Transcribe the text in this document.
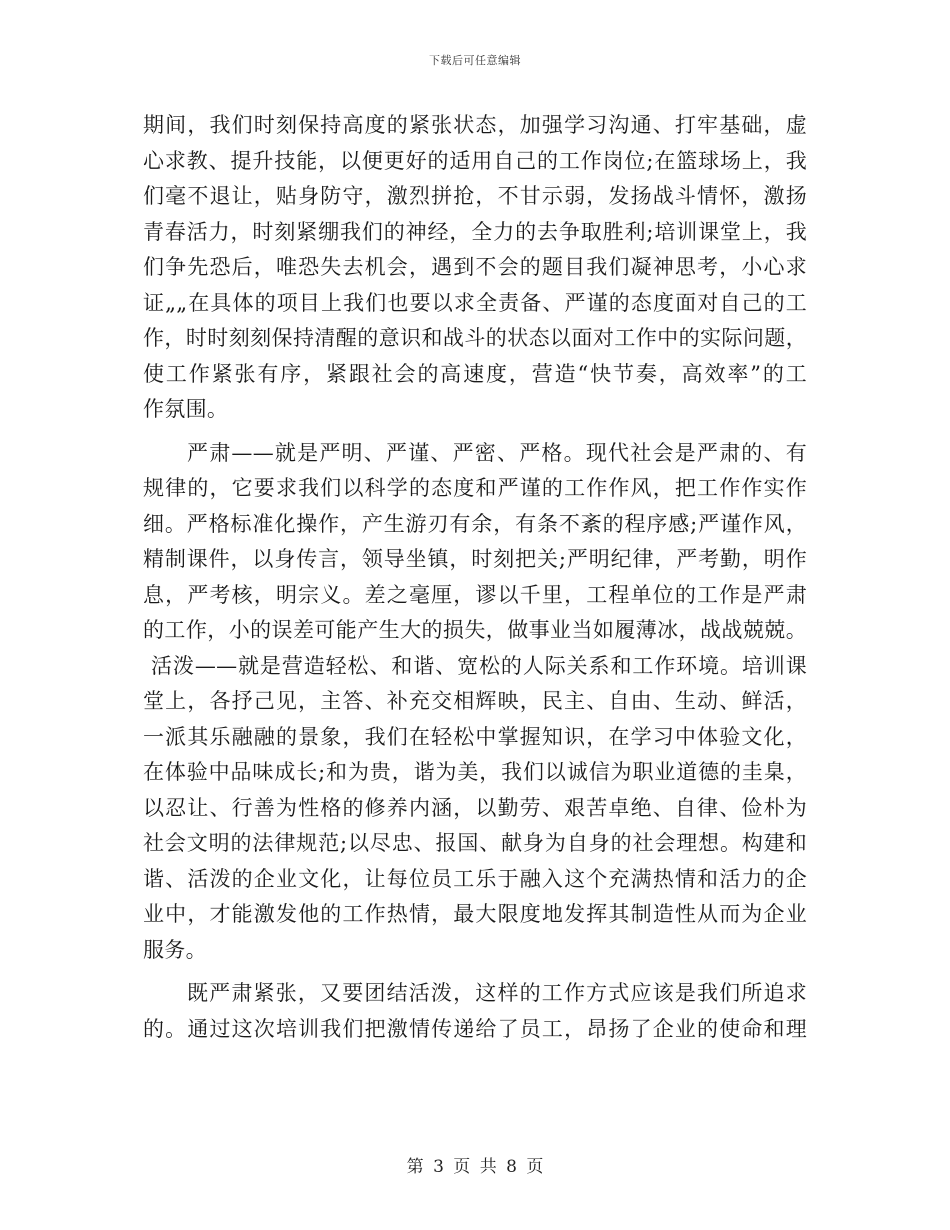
下载后可任意编辑
期间，我们时刻保持高度的紧张状态，加强学习沟通、打牢基础，虚
心求教、提升技能，以便更好的适用自己的工作岗位;在篮球场上，我
们毫不退让，贴身防守，激烈拼抢，不甘示弱，发扬战斗情怀，激扬
青春活力，时刻紧绷我们的神经，全力的去争取胜利;培训课堂上，我
们争先恐后，唯恐失去机会，遇到不会的题目我们凝神思考，小心求
证„„在具体的项目上我们也要以求全责备、严谨的态度面对自己的工
作，时时刻刻保持清醒的意识和战斗的状态以面对工作中的实际问题，
使工作紧张有序，紧跟社会的高速度，营造“快节奏，高效率”的工
作氛围。
严肃——就是严明、严谨、严密、严格。现代社会是严肃的、有
规律的，它要求我们以科学的态度和严谨的工作作风，把工作作实作
细。严格标准化操作，产生游刃有余，有条不紊的程序感;严谨作风，
精制课件，以身传言，领导坐镇，时刻把关;严明纪律，严考勤，明作
息，严考核，明宗义。差之毫厘，谬以千里，工程单位的工作是严肃
的工作，小的误差可能产生大的损失，做事业当如履薄冰，战战兢兢。
活泼——就是营造轻松、和谐、宽松的人际关系和工作环境。培训课
堂上，各抒己见，主答、补充交相辉映，民主、自由、生动、鲜活，
一派其乐融融的景象，我们在轻松中掌握知识，在学习中体验文化，
在体验中品味成长;和为贵，谐为美，我们以诚信为职业道德的圭臬，
以忍让、行善为性格的修养内涵，以勤劳、艰苦卓绝、自律、俭朴为
社会文明的法律规范;以尽忠、报国、献身为自身的社会理想。构建和
谐、活泼的企业文化，让每位员工乐于融入这个充满热情和活力的企
业中，才能激发他的工作热情，最大限度地发挥其制造性从而为企业
服务。
既严肃紧张，又要团结活泼，这样的工作方式应该是我们所追求
的。通过这次培训我们把激情传递给了员工，昂扬了企业的使命和理
第 3 页 共 8 页
